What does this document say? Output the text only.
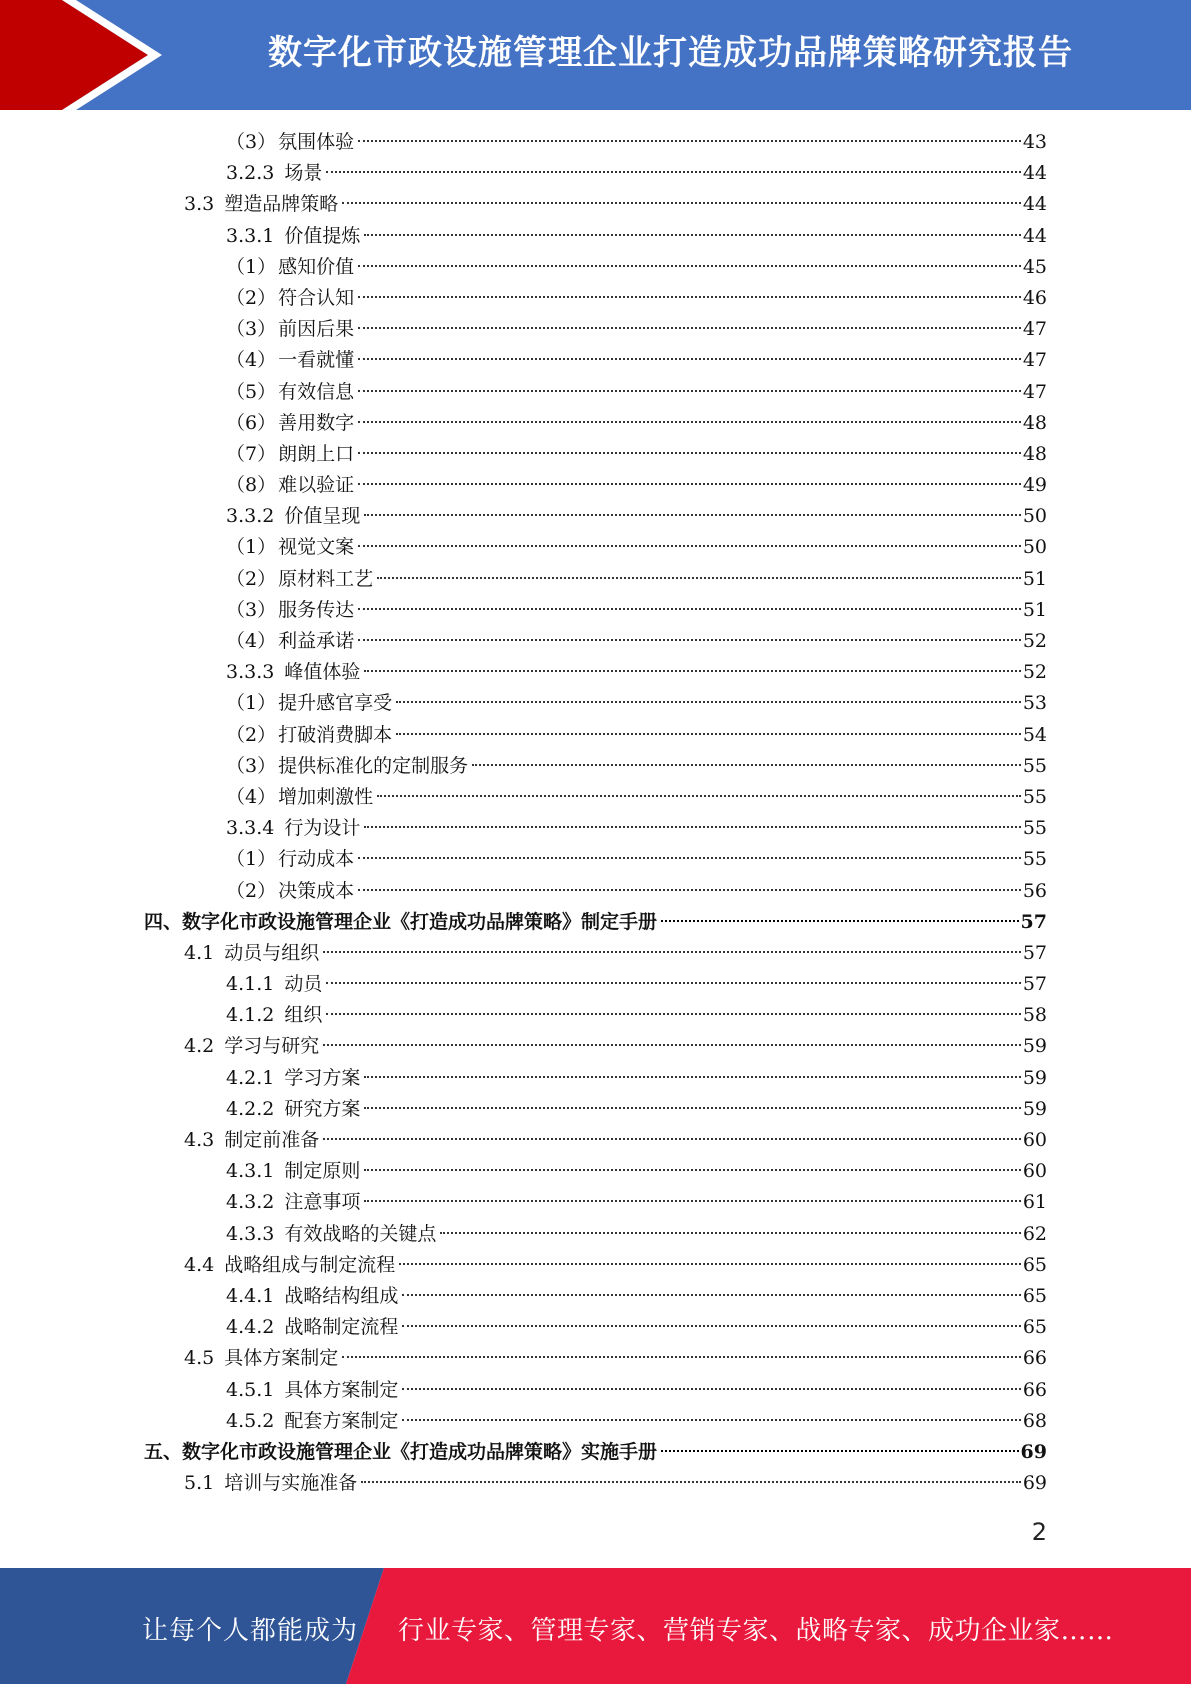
数字化市政设施管理企业打造成功品牌策略研究报告
（3） 氛围体验	43
3.2.3 场景	44
3.3 塑造品牌策略	44
3.3.1 价值提炼	44
（1） 感知价值	45
（2） 符合认知	46
（3） 前因后果	47
（4） 一看就懂	47
（5） 有效信息	47
（6） 善用数字	48
（7） 朗朗上口	48
（8） 难以验证	49
3.3.2 价值呈现	50
（1） 视觉文案	50
（2） 原材料工艺	51
（3） 服务传达	51
（4） 利益承诺	52
3.3.3 峰值体验	52
（1） 提升感官享受	53
（2） 打破消费脚本	54
（3） 提供标准化的定制服务	55
（4） 增加刺激性	55
3.3.4 行为设计	55
（1） 行动成本	55
（2） 决策成本	56
四、数字化市政设施管理企业《打造成功品牌策略》制定手册	57
4.1 动员与组织	57
4.1.1 动员	57
4.1.2 组织	58
4.2 学习与研究	59
4.2.1 学习方案	59
4.2.2 研究方案	59
4.3 制定前准备	60
4.3.1 制定原则	60
4.3.2 注意事项	61
4.3.3 有效战略的关键点	62
4.4 战略组成与制定流程	65
4.4.1 战略结构组成	65
4.4.2 战略制定流程	65
4.5 具体方案制定	66
4.5.1 具体方案制定	66
4.5.2 配套方案制定	68
五、数字化市政设施管理企业《打造成功品牌策略》实施手册	69
5.1 培训与实施准备	69
2
让每个人都能成为 行业专家、管理专家、营销专家、战略专家、成功企业家……
